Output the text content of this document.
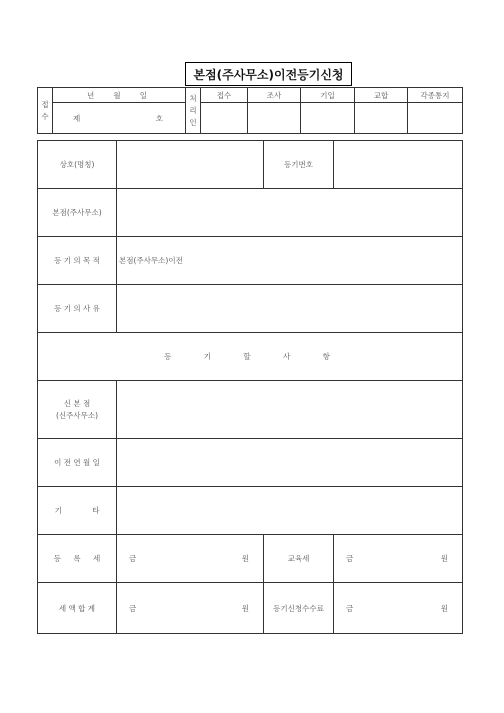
본점(주사무소)이전등기신청
접수	년 월 일	처리인	접수	조사	기입	교합	각종통지

	제 호						

상호(명칭)		등기번호	
본점(주사무소)			
등 기 의 목 적	본점(주사무소)이전		
등 기 의 사 유			
등 기 할 사 항			

신 본 점
(신주사무소)			

이 전 연 월 일			
기 타			
등 록 세	금 원	교육세	금 원

세 액 합 계	금 원	등기신청수수료	금 원
